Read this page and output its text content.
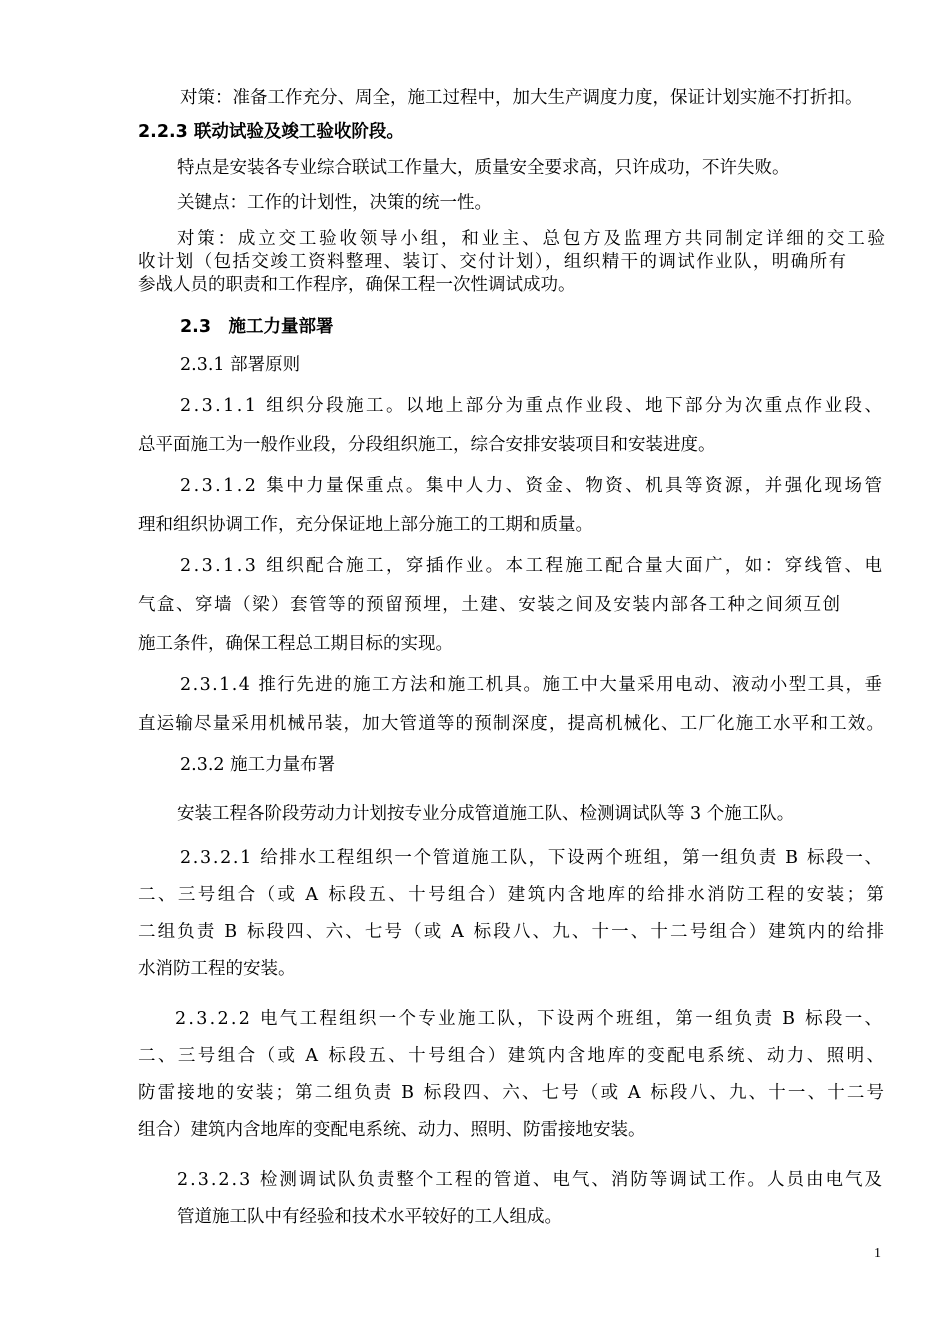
对策：准备工作充分、周全，施工过程中，加大生产调度力度，保证计划实施不打折扣。

2.2.3 联动试验及竣工验收阶段。

特点是安装各专业综合联试工作量大，质量安全要求高，只许成功，不许失败。

关键点：工作的计划性，决策的统一性。

对策：成立交工验收领导小组，和业主、总包方及监理方共同制定详细的交工验

收计划（包括交竣工资料整理、装订、交付计划），组织精干的调试作业队，明确所有

参战人员的职责和工作程序，确保工程一次性调试成功。

2.3　施工力量部署

2.3.1 部署原则

2.3.1.1 组织分段施工。以地上部分为重点作业段、地下部分为次重点作业段、

总平面施工为一般作业段，分段组织施工，综合安排安装项目和安装进度。

2.3.1.2 集中力量保重点。集中人力、资金、物资、机具等资源，并强化现场管

理和组织协调工作，充分保证地上部分施工的工期和质量。

2.3.1.3 组织配合施工，穿插作业。本工程施工配合量大面广，如：穿线管、电

气盒、穿墙（梁）套管等的预留预埋，土建、安装之间及安装内部各工种之间须互创

施工条件，确保工程总工期目标的实现。

2.3.1.4 推行先进的施工方法和施工机具。施工中大量采用电动、液动小型工具，垂

直运输尽量采用机械吊装，加大管道等的预制深度，提高机械化、工厂化施工水平和工效。

2.3.2 施工力量布署

安装工程各阶段劳动力计划按专业分成管道施工队、检测调试队等 3 个施工队。

2.3.2.1 给排水工程组织一个管道施工队，下设两个班组，第一组负责 B 标段一、

二、三号组合（或 A 标段五、十号组合）建筑内含地库的给排水消防工程的安装；第

二组负责 B 标段四、六、七号（或 A 标段八、九、十一、十二号组合）建筑内的给排

水消防工程的安装。

2.3.2.2 电气工程组织一个专业施工队，下设两个班组，第一组负责 B 标段一、

二、三号组合（或 A 标段五、十号组合）建筑内含地库的变配电系统、动力、照明、

防雷接地的安装；第二组负责 B 标段四、六、七号（或 A 标段八、九、十一、十二号

组合）建筑内含地库的变配电系统、动力、照明、防雷接地安装。

2.3.2.3 检测调试队负责整个工程的管道、电气、消防等调试工作。人员由电气及

管道施工队中有经验和技术水平较好的工人组成。

1
